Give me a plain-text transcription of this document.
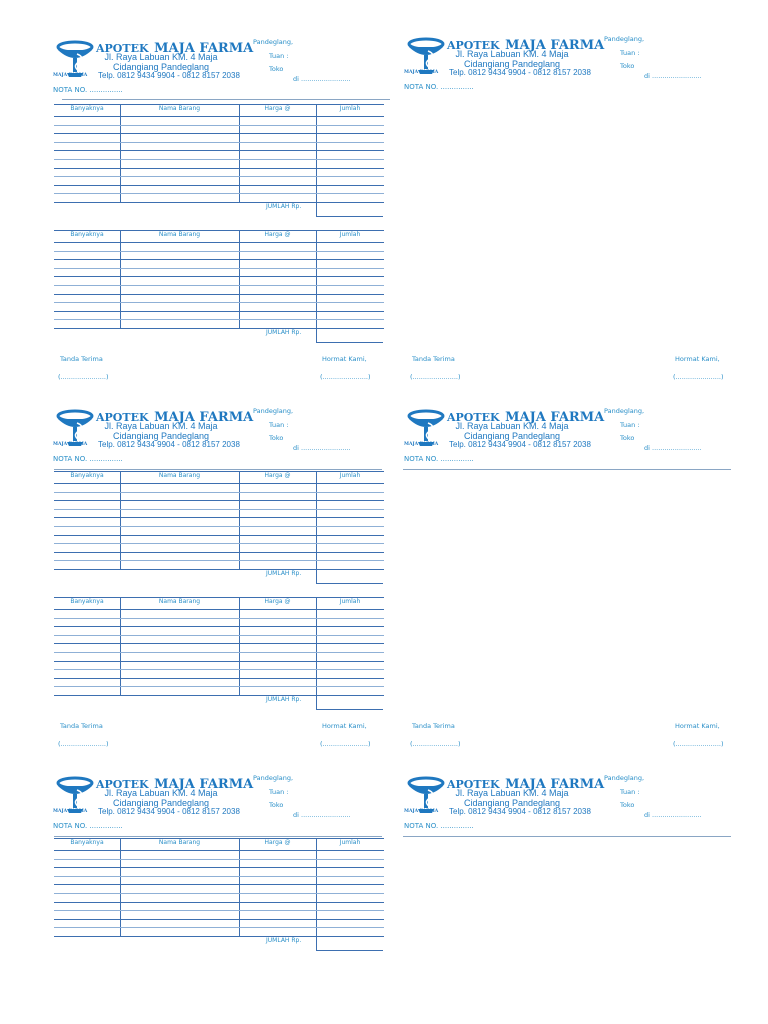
MAJA FARMA
APOTEK MAJA FARMA
Jl. Raya Labuan KM. 4 Maja
Cidangiang Pandeglang
Telp. 0812 9434 9904 - 0812 8157 2038
Pandeglang,
Tuan :
Toko
di ........................
NOTA NO. ...............
MAJA FARMA
APOTEK MAJA FARMA
Jl. Raya Labuan KM. 4 Maja
Cidangiang Pandeglang
Telp. 0812 9434 9904 - 0812 8157 2038
Pandeglang,
Tuan :
Toko
di ........................
NOTA NO. ...............
Banyaknya	Nama Barang	Harga @	Jumlah
JUMLAH Rp.
Banyaknya	Nama Barang	Harga @	Jumlah
JUMLAH Rp.
Tanda Terima	Hormat Kami,
(......................)	(......................)
Tanda Terima	Hormat Kami,
(......................)	(......................)
MAJA FARMA
APOTEK MAJA FARMA
Jl. Raya Labuan KM. 4 Maja
Cidangiang Pandeglang
Telp. 0812 9434 9904 - 0812 8157 2038
Pandeglang,
Tuan :
Toko
di ........................
NOTA NO. ...............
MAJA FARMA
APOTEK MAJA FARMA
Jl. Raya Labuan KM. 4 Maja
Cidangiang Pandeglang
Telp. 0812 9434 9904 - 0812 8157 2038
Pandeglang,
Tuan :
Toko
di ........................
NOTA NO. ...............
Banyaknya	Nama Barang	Harga @	Jumlah
JUMLAH Rp.
Banyaknya	Nama Barang	Harga @	Jumlah
JUMLAH Rp.
Tanda Terima	Hormat Kami,
(......................)	(......................)
Tanda Terima	Hormat Kami,
(......................)	(......................)
MAJA FARMA
APOTEK MAJA FARMA
Jl. Raya Labuan KM. 4 Maja
Cidangiang Pandeglang
Telp. 0812 9434 9904 - 0812 8157 2038
Pandeglang,
Tuan :
Toko
di ........................
NOTA NO. ...............
MAJA FARMA
APOTEK MAJA FARMA
Jl. Raya Labuan KM. 4 Maja
Cidangiang Pandeglang
Telp. 0812 9434 9904 - 0812 8157 2038
Pandeglang,
Tuan :
Toko
di ........................
NOTA NO. ...............
Banyaknya	Nama Barang	Harga @	Jumlah
JUMLAH Rp.
